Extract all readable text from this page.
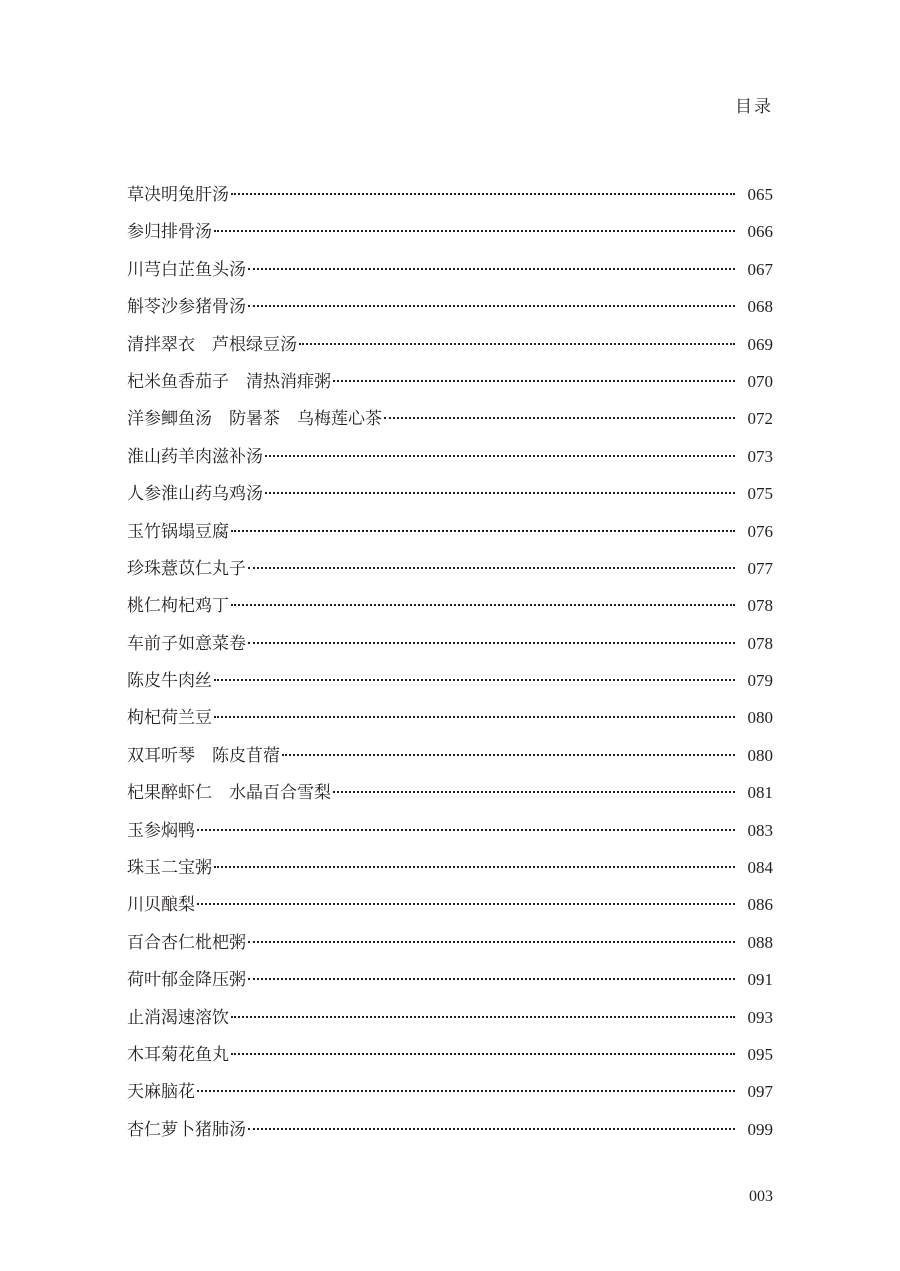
目录
草决明兔肝汤	065
参归排骨汤	066
川芎白芷鱼头汤	067
斛苓沙参猪骨汤	068
清拌翠衣　芦根绿豆汤	069
杞米鱼香茄子　清热消痱粥	070
洋参鲫鱼汤　防暑茶　乌梅莲心茶	072
淮山药羊肉滋补汤	073
人参淮山药乌鸡汤	075
玉竹锅塌豆腐	076
珍珠薏苡仁丸子	077
桃仁枸杞鸡丁	078
车前子如意菜卷	078
陈皮牛肉丝	079
枸杞荷兰豆	080
双耳听琴　陈皮苜蓿	080
杞果醉虾仁　水晶百合雪梨	081
玉参焖鸭	083
珠玉二宝粥	084
川贝酿梨	086
百合杏仁枇杷粥	088
荷叶郁金降压粥	091
止消渴速溶饮	093
木耳菊花鱼丸	095
天麻脑花	097
杏仁萝卜猪肺汤	099
003
